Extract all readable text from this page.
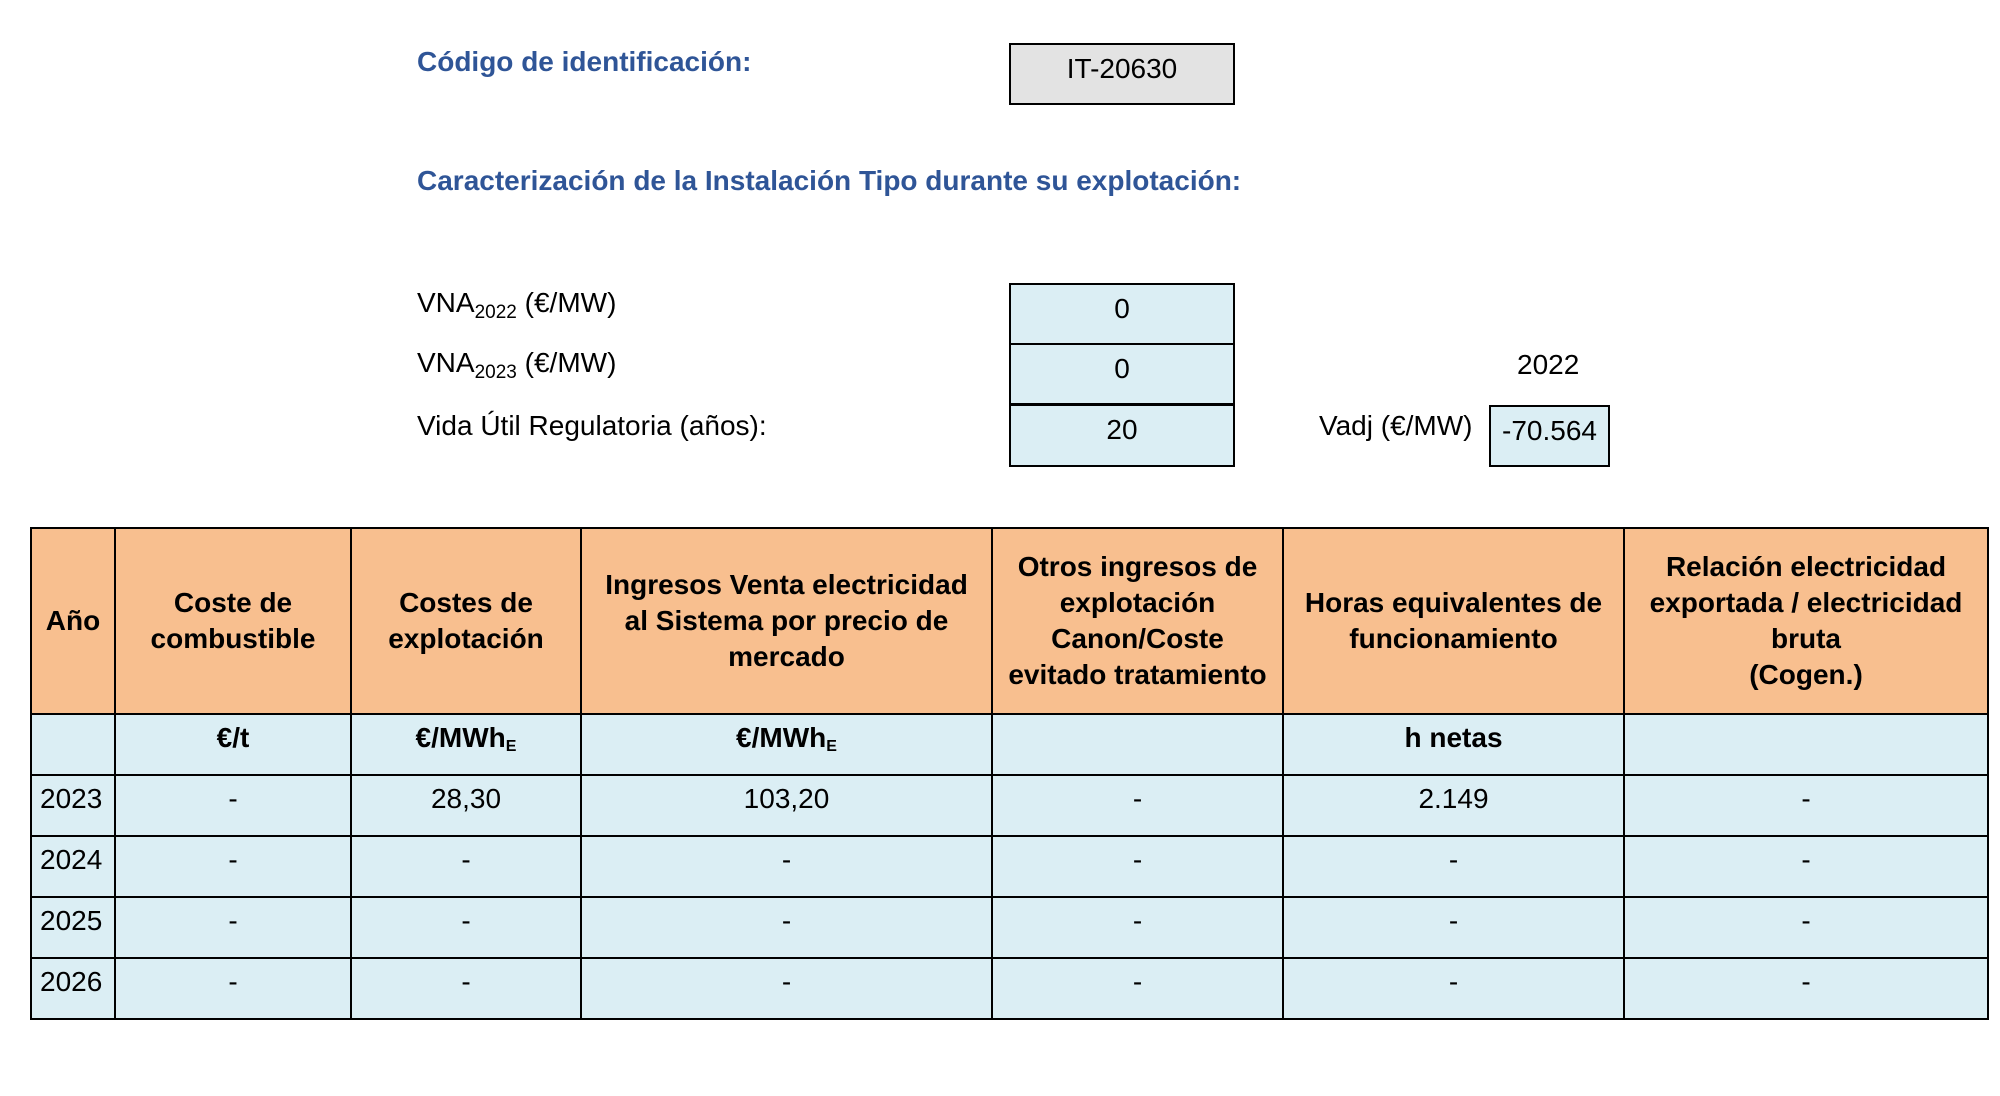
Código de identificación:	IT-20630
Caracterización de la Instalación Tipo durante su explotación:
$VNA_{2022}$ (€/MW)	0
$VNA_{2023}$ (€/MW)	0	2022
Vida Útil Regulatoria (años):	20	Vadj (€/MW)	-70.564
Año	Coste de combustible	Costes de explotación	Ingresos Venta electricidad al Sistema por precio de mercado	Otros ingresos de explotación Canon/Coste evitado tratamiento	Horas equivalentes de funcionamiento	Relación electricidad exportada / electricidad bruta
(Cogen.)
	€/t	€/MWhE	€/MWhE		h netas	
2023	-	28,30	103,20	-	2.149	-
2024	-	-	-	-	-	-
2025	-	-	-	-	-	-
2026	-	-	-	-	-	-
